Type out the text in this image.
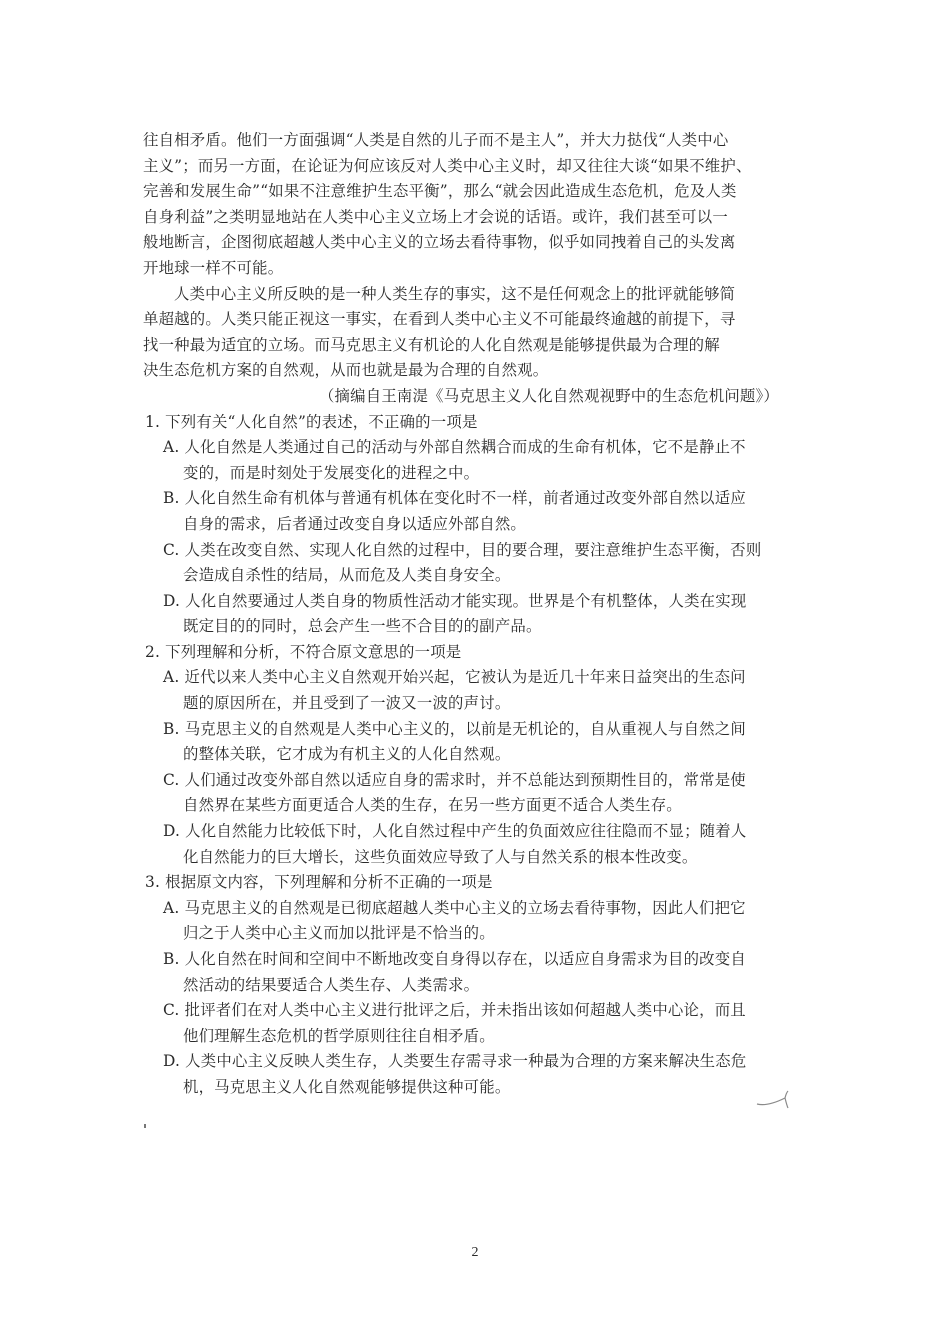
往自相矛盾。他们一方面强调“人类是自然的儿子而不是主人”，并大力挞伐“人类中心
主义”；而另一方面，在论证为何应该反对人类中心主义时，却又往往大谈“如果不维护、
完善和发展生命”“如果不注意维护生态平衡”，那么“就会因此造成生态危机，危及人类
自身利益”之类明显地站在人类中心主义立场上才会说的话语。或许，我们甚至可以一
般地断言，企图彻底超越人类中心主义的立场去看待事物，似乎如同拽着自己的头发离
开地球一样不可能。
人类中心主义所反映的是一种人类生存的事实，这不是任何观念上的批评就能够简
单超越的。人类只能正视这一事实，在看到人类中心主义不可能最终逾越的前提下，寻
找一种最为适宜的立场。而马克思主义有机论的人化自然观是能够提供最为合理的解
决生态危机方案的自然观，从而也就是最为合理的自然观。
（摘编自王南湜《马克思主义人化自然观视野中的生态危机问题》）
1. 下列有关“人化自然”的表述，不正确的一项是
A. 人化自然是人类通过自己的活动与外部自然耦合而成的生命有机体，它不是静止不
变的，而是时刻处于发展变化的进程之中。
B. 人化自然生命有机体与普通有机体在变化时不一样，前者通过改变外部自然以适应
自身的需求，后者通过改变自身以适应外部自然。
C. 人类在改变自然、实现人化自然的过程中，目的要合理，要注意维护生态平衡，否则
会造成自杀性的结局，从而危及人类自身安全。
D. 人化自然要通过人类自身的物质性活动才能实现。世界是个有机整体，人类在实现
既定目的的同时，总会产生一些不合目的的副产品。
2. 下列理解和分析，不符合原文意思的一项是
A. 近代以来人类中心主义自然观开始兴起，它被认为是近几十年来日益突出的生态问
题的原因所在，并且受到了一波又一波的声讨。
B. 马克思主义的自然观是人类中心主义的，以前是无机论的，自从重视人与自然之间
的整体关联，它才成为有机主义的人化自然观。
C. 人们通过改变外部自然以适应自身的需求时，并不总能达到预期性目的，常常是使
自然界在某些方面更适合人类的生存，在另一些方面更不适合人类生存。
D. 人化自然能力比较低下时，人化自然过程中产生的负面效应往往隐而不显；随着人
化自然能力的巨大增长，这些负面效应导致了人与自然关系的根本性改变。
3. 根据原文内容，下列理解和分析不正确的一项是
A. 马克思主义的自然观是已彻底超越人类中心主义的立场去看待事物，因此人们把它
归之于人类中心主义而加以批评是不恰当的。
B. 人化自然在时间和空间中不断地改变自身得以存在，以适应自身需求为目的改变自
然活动的结果要适合人类生存、人类需求。
C. 批评者们在对人类中心主义进行批评之后，并未指出该如何超越人类中心论，而且
他们理解生态危机的哲学原则往往自相矛盾。
D. 人类中心主义反映人类生存，人类要生存需寻求一种最为合理的方案来解决生态危
机，马克思主义人化自然观能够提供这种可能。
2
